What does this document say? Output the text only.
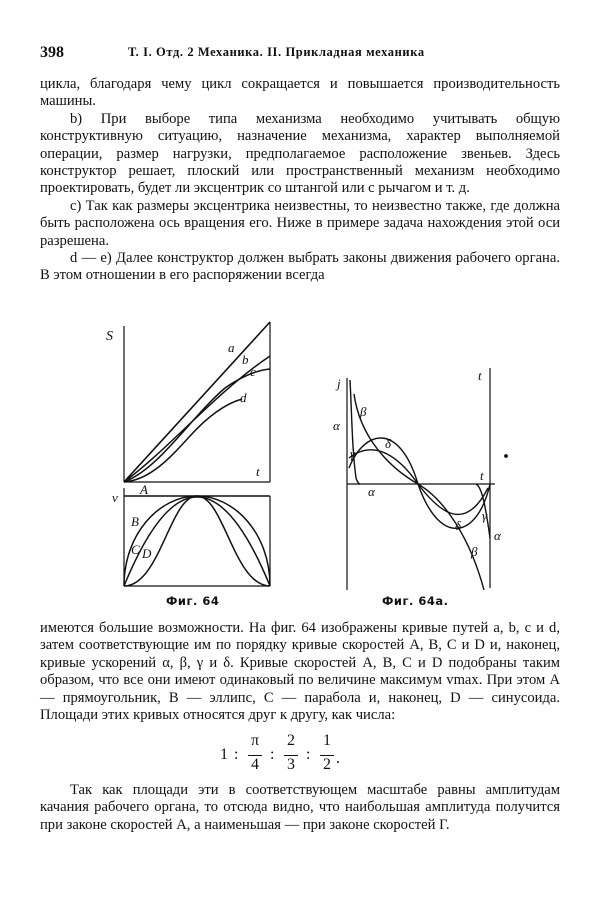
398	Т. I. Отд. 2 Механика. II. Прикладная механика

цикла, благодаря чему цикл сокращается и повышается производительность машины.

b) При выборе типа механизма необходимо учитывать общую конструктивную ситуацию, назначение механизма, характер выполняемой операции, размер нагрузки, предполагаемое расположение звеньев. Здесь конструктор решает, плоский или пространственный механизм необходимо проектировать, будет ли эксцентрик со штангой или с рычагом и т. д.

c) Так как размеры эксцентрика неизвестны, то неизвестно также, где должна быть расположена ось вращения его. Ниже в примере задача нахождения этой оси разрешена.

d — e) Далее конструктор должен выбрать законы движения рабочего органа. В этом отношении в его распоряжении всегда

S
t
a
b
c
d
v
A
B
C D
j
t
α
β
γ
δ
α
t
δ
γ
α
β
Фиг. 64	Фиг. 64а.

имеются большие возможности. На фиг. 64 изображены кривые путей a, b, c и d, затем соответствующие им по порядку кривые скоростей A, B, C и D и, наконец, кривые ускорений α, β, γ и δ. Кривые скоростей A, B, C и D подобраны таким образом, что все они имеют одинаковый по величине максимум vmax. При этом A — прямоугольник, B — эллипс, C — парабола и, наконец, D — синусоида. Площади этих кривых относятся друг к другу, как числа:

1 :
π
4
:
2
3
:
1
2 .

Так как площади эти в соответствующем масштабе равны амплитудам качания рабочего органа, то отсюда видно, что наибольшая амплитуда получится при законе скоростей A, а наименьшая — при законе скоростей Г.
